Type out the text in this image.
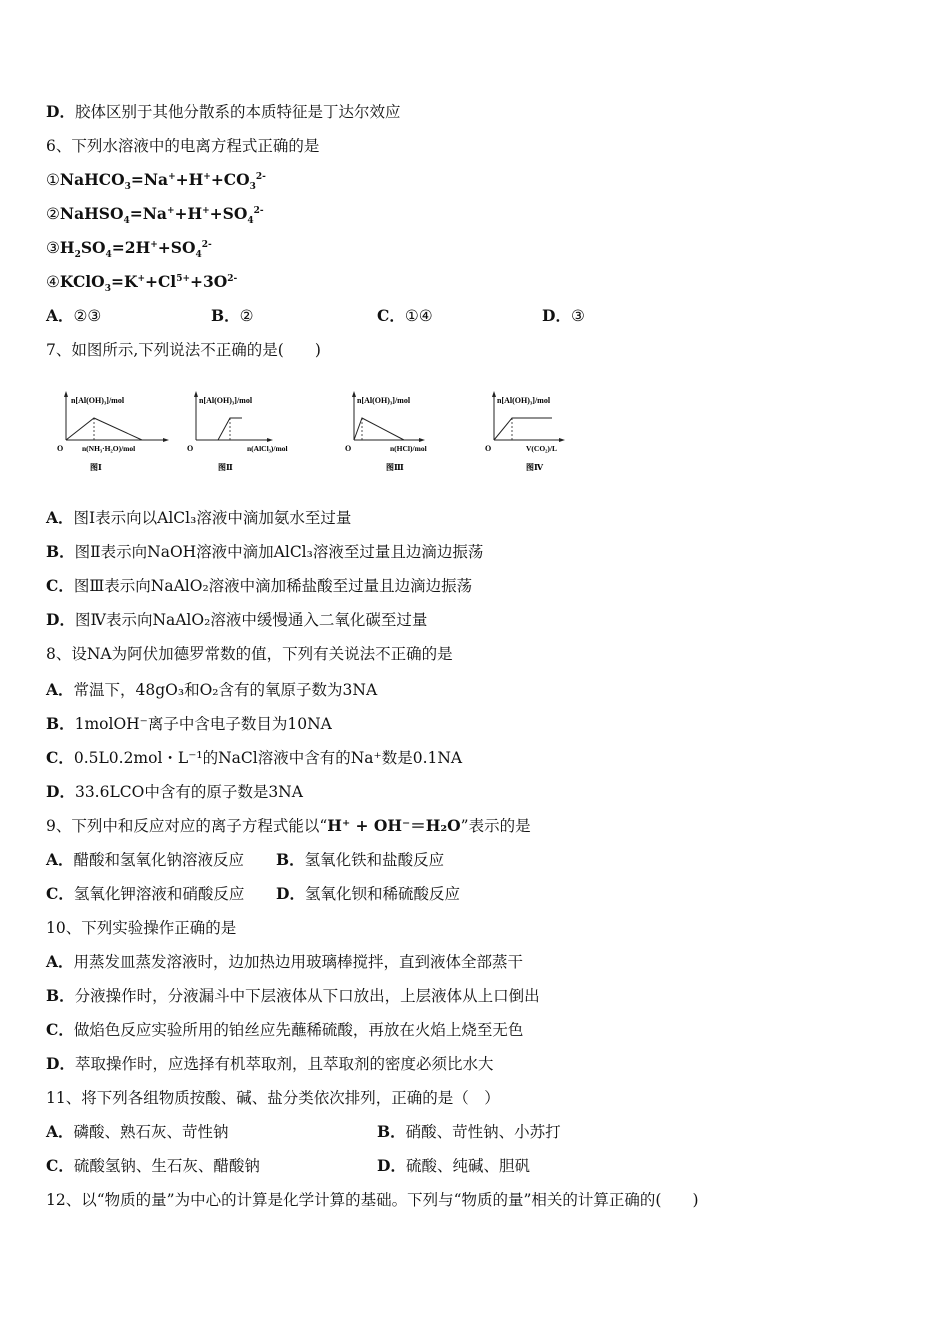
D．胶体区别于其他分散系的本质特征是丁达尔效应
6、下列水溶液中的电离方程式正确的是
$①NaHCO_3=Na^++H^++CO_3^{2-}$
$②NaHSO_4=Na^++H^++SO_4^{2-}$
$③H_2SO_4=2H^++SO_4^{2-}$
$④KClO_3=K^++Cl^{5+}+3O^{2-}$
A．②③	B．②	C．①④	D．③
7、如图所示,下列说法不正确的是(　　)
n[Al(OH)₃]/mol
O	n(NH₃·H₂O)/mol
图Ⅰ
n[Al(OH)₃]/mol
O	n(AlCl₃)/mol
图Ⅱ
n[Al(OH)₃]/mol
O	n(HCl)/mol
图Ⅲ
n[Al(OH)₃]/mol
O	V(CO₂)/L
图Ⅳ
A．图Ⅰ表示向以AlCl₃溶液中滴加氨水至过量
B．图Ⅱ表示向NaOH溶液中滴加AlCl₃溶液至过量且边滴边振荡
C．图Ⅲ表示向NaAlO₂溶液中滴加稀盐酸至过量且边滴边振荡
D．图Ⅳ表示向NaAlO₂溶液中缓慢通入二氧化碳至过量
8、设NA为阿伏加德罗常数的值，下列有关说法不正确的是
A．常温下，48gO₃和O₂含有的氧原子数为3NA
B．1molOH⁻离子中含电子数目为10NA
C．0.5L0.2mol・L⁻¹的NaCl溶液中含有的Na⁺数是0.1NA
D．33.6LCO中含有的原子数是3NA
9、下列中和反应对应的离子方程式能以“H⁺ + OH⁻＝H₂O”表示的是
A．醋酸和氢氧化钠溶液反应 B．氢氧化铁和盐酸反应
C．氢氧化钾溶液和硝酸反应 D．氢氧化钡和稀硫酸反应
10、下列实验操作正确的是
A．用蒸发皿蒸发溶液时，边加热边用玻璃棒搅拌，直到液体全部蒸干
B．分液操作时，分液漏斗中下层液体从下口放出，上层液体从上口倒出
C．做焰色反应实验所用的铂丝应先蘸稀硫酸，再放在火焰上烧至无色
D．萃取操作时，应选择有机萃取剂，且萃取剂的密度必须比水大
11、将下列各组物质按酸、碱、盐分类依次排列，正确的是（　）
A．磷酸、熟石灰、苛性钠	B．硝酸、苛性钠、小苏打
C．硫酸氢钠、生石灰、醋酸钠	D．硫酸、纯碱、胆矾
12、以“物质的量”为中心的计算是化学计算的基础。下列与“物质的量”相关的计算正确的(　　)
